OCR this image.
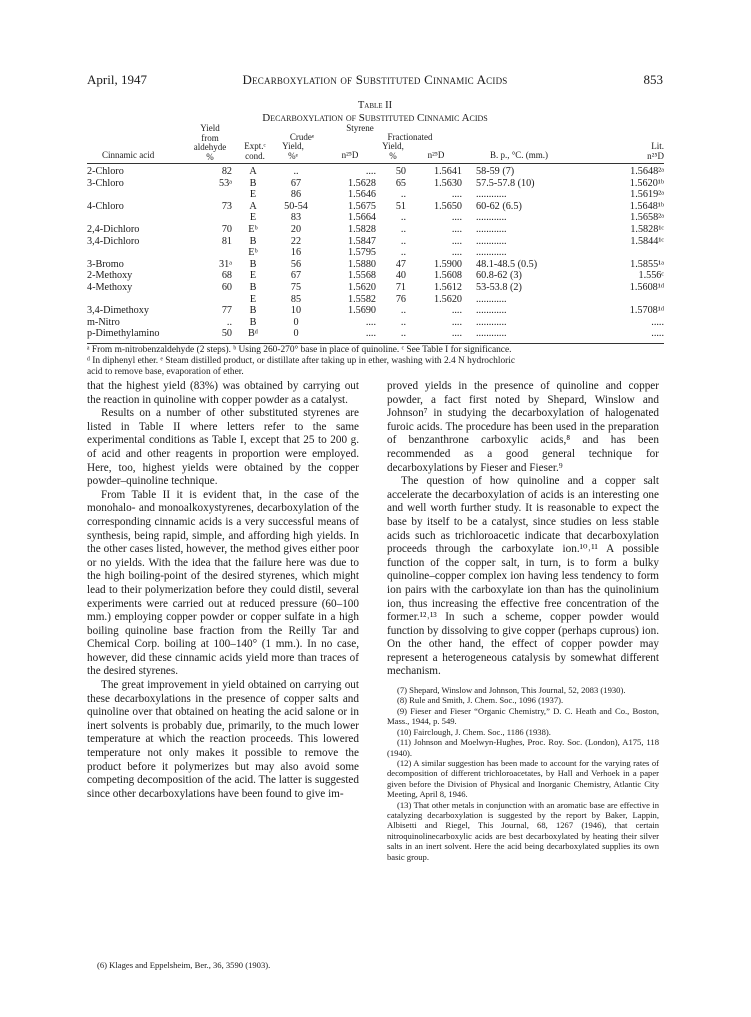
April, 1947	Decarboxylation of Substituted Cinnamic Acids	853
Table II
Decarboxylation of Substituted Cinnamic Acids
Yield
from
aldehyde
%
Styrene
Crudeᵉ	Fractionated
Expt.ᶜ
cond.
Yield,
%ᵉ	n²⁵D
Yield,
%	n²⁵D	B. p., °C. (mm.)
Lit.
n²⁵D
Cinnamic acid
2-Chloro	82	A	..	....	50	1.5641	58-59 (7)	1.5648²ᵃ
3-Chloro	53ᵃ	B	67	1.5628	65	1.5630	57.5-57.8 (10)	1.5620¹ᵇ
		E	86	1.5646	..	....	............	1.5619²ᵃ
4-Chloro	73	A	50-54	1.5675	51	1.5650	60-62 (6.5)	1.5648¹ᵇ
		E	83	1.5664	..	....	............	1.5658²ᵃ
2,4-Dichloro	70	Eᵇ	20	1.5828	..	....	............	1.5828¹ᶜ
3,4-Dichloro	81	B	22	1.5847	..	....	............	1.5844¹ᶜ
		Eᵇ	16	1.5795	..	....	............	
3-Bromo	31ᵃ	B	56	1.5880	47	1.5900	48.1-48.5 (0.5)	1.5855¹ᵃ
2-Methoxy	68	E	67	1.5568	40	1.5608	60.8-62 (3)	1.556ᶜ
4-Methoxy	60	B	75	1.5620	71	1.5612	53-53.8 (2)	1.5608¹ᵈ
		E	85	1.5582	76	1.5620	............	
3,4-Dimethoxy	77	B	10	1.5690	..	....	............	1.5708¹ᵈ
m-Nitro	..	B	0	....	..	....	............	.....
p-Dimethylamino	50	Bᵈ	0	....	..	....	............	.....
ᵃ From m-nitrobenzaldehyde (2 steps). ᵇ Using 260-270° base in place of quinoline. ᶜ See Table I for significance.
ᵈ In diphenyl ether. ᵉ Steam distilled product, or distillate after taking up in ether, washing with 2.4 N hydrochloric
acid to remove base, evaporation of ether.

that the highest yield (83%) was obtained by carrying out the reaction in quinoline with copper powder as a catalyst.

Results on a number of other substituted styrenes are listed in Table II where letters refer to the same experimental conditions as Table I, except that 25 to 200 g. of acid and other reagents in proportion were employed. Here, too, highest yields were obtained by the copper powder–quinoline technique.

From Table II it is evident that, in the case of the monohalo- and monoalkoxystyrenes, decarboxylation of the corresponding cinnamic acids is a very successful means of synthesis, being rapid, simple, and affording high yields. In the other cases listed, however, the method gives either poor or no yields. With the idea that the failure here was due to the high boiling-point of the desired styrenes, which might lead to their polymerization before they could distil, several experiments were carried out at reduced pressure (60–100 mm.) employing copper powder or copper sulfate in a high boiling quinoline base fraction from the Reilly Tar and Chemical Corp. boiling at 100–140° (1 mm.). In no case, however, did these cinnamic acids yield more than traces of the desired styrenes.

The great improvement in yield obtained on carrying out these decarboxylations in the presence of copper salts and quinoline over that obtained on heating the acid salone or in inert solvents is probably due, primarily, to the much lower temperature at which the reaction proceeds. This lowered temperature not only makes it possible to remove the product before it polymerizes but may also avoid some competing decomposition of the acid. The latter is suggested since other decarboxylations have been found to give im-

(6) Klages and Eppelsheim, Ber., 36, 3590 (1903).

proved yields in the presence of quinoline and copper powder, a fact first noted by Shepard, Winslow and Johnson⁷ in studying the decarboxylation of halogenated furoic acids. The procedure has been used in the preparation of benzanthrone carboxylic acids,⁸ and has been recommended as a good general technique for decarboxylations by Fieser and Fieser.⁹

The question of how quinoline and a copper salt accelerate the decarboxylation of acids is an interesting one and well worth further study. It is reasonable to expect the base by itself to be a catalyst, since studies on less stable acids such as trichloroacetic indicate that decarboxylation proceeds through the carboxylate ion.¹⁰˒¹¹ A possible function of the copper salt, in turn, is to form a bulky quinoline–copper complex ion having less tendency to form ion pairs with the carboxylate ion than has the quinolinium ion, thus increasing the effective free concentration of the former.¹²˒¹³ In such a scheme, copper powder would function by dissolving to give copper (perhaps cuprous) ion. On the other hand, the effect of copper powder may represent a heterogeneous catalysis by somewhat different mechanism.

(7) Shepard, Winslow and Johnson, This Journal, 52, 2083 (1930).

(8) Rule and Smith, J. Chem. Soc., 1096 (1937).

(9) Fieser and Fieser “Organic Chemistry,” D. C. Heath and Co., Boston, Mass., 1944, p. 549.

(10) Fairclough, J. Chem. Soc., 1186 (1938).

(11) Johnson and Moelwyn-Hughes, Proc. Roy. Soc. (London), A175, 118 (1940).

(12) A similar suggestion has been made to account for the varying rates of decomposition of different trichloroacetates, by Hall and Verhoek in a paper given before the Division of Physical and Inorganic Chemistry, Atlantic City Meeting, April 8, 1946.

(13) That other metals in conjunction with an aromatic base are effective in catalyzing decarboxylation is suggested by the report by Baker, Lappin, Albisetti and Riegel, This Journal, 68, 1267 (1946), that certain nitroquinolinecarboxylic acids are best decarboxylated by heating their silver salts in an inert solvent. Here the acid being decarboxylated supplies its own basic group.
